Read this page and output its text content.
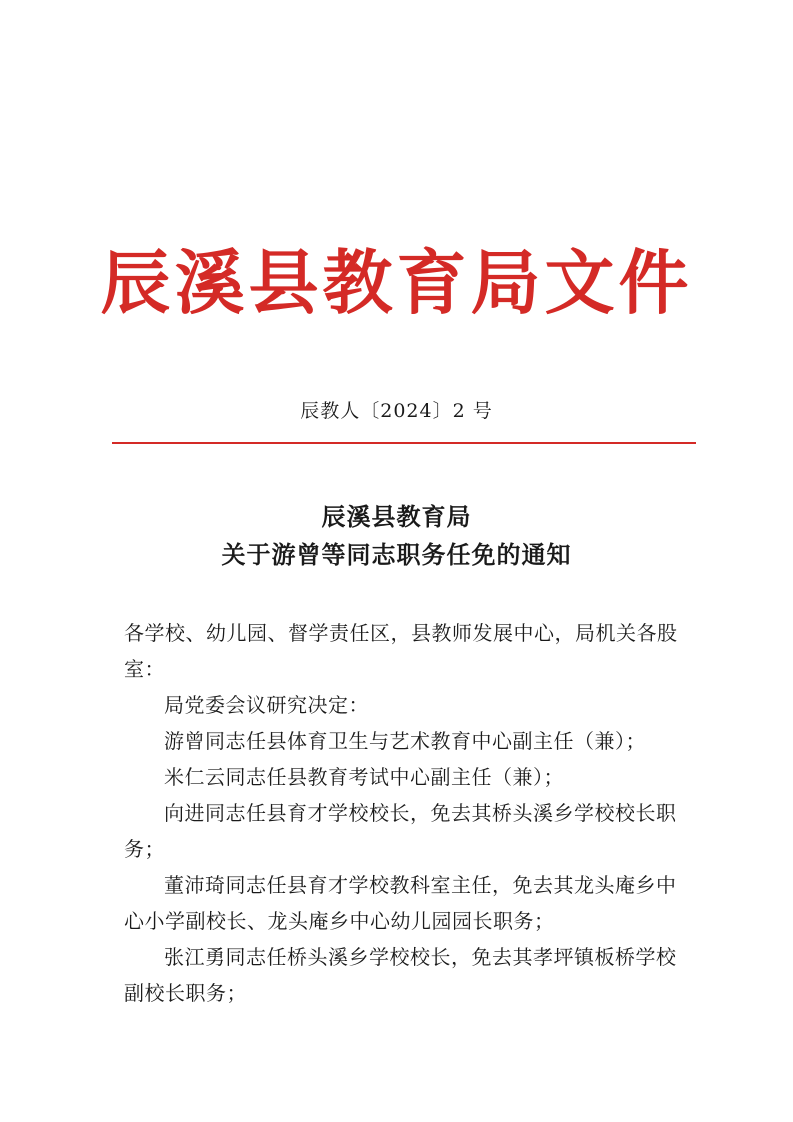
辰溪县教育局文件
辰教人〔2024〕2 号
辰溪县教育局
关于游曾等同志职务任免的通知

各学校、幼儿园、督学责任区，县教师发展中心，局机关各股室：

局党委会议研究决定：

游曾同志任县体育卫生与艺术教育中心副主任（兼）；

米仁云同志任县教育考试中心副主任（兼）；

向进同志任县育才学校校长，免去其桥头溪乡学校校长职务；

董沛琦同志任县育才学校教科室主任，免去其龙头庵乡中心小学副校长、龙头庵乡中心幼儿园园长职务；

张江勇同志任桥头溪乡学校校长，免去其孝坪镇板桥学校副校长职务；
